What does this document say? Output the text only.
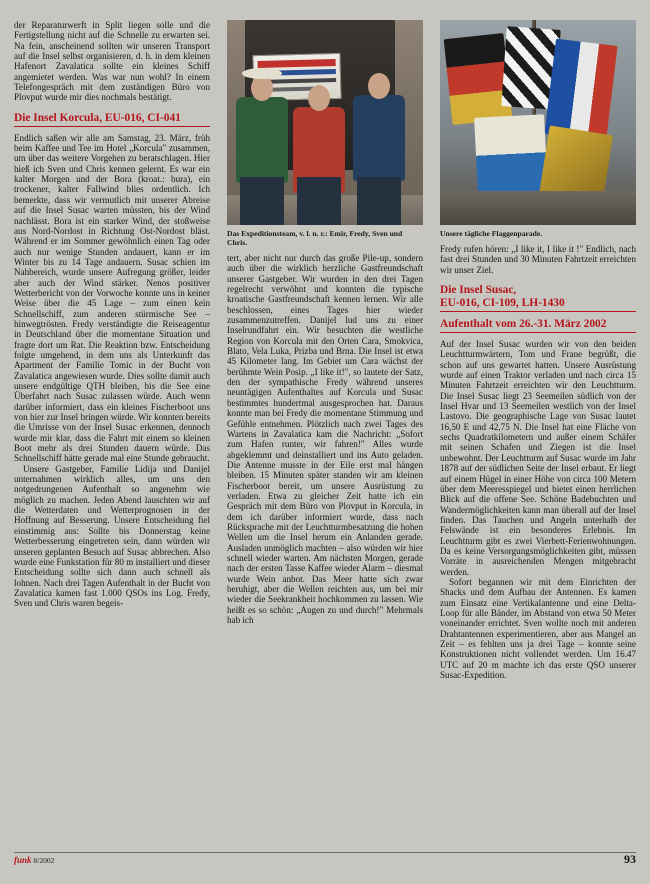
der Reparaturwerft in Split liegen solle und die Fertigstellung nicht auf die Schnelle zu erwarten sei. Na fein, anscheinend sollten wir unseren Transport auf die Insel selbst organisieren, d. h. in dem kleinen Hafenort Zavalatica sollte ein kleines Schiff angemietet werden. Was war nun wohl? In einem Telefongespräch mit dem zuständigen Büro von Plovput wurde mir dies nochmals bestätigt.

Die Insel Korcula, EU-016, CI-041

Endlich saßen wir alle am Samstag, 23. März, früh beim Kaffee und Tee im Hotel „Korcula" zusammen, um über das weitere Vorgehen zu beratschlagen. Hier hieß ich Sven und Chris kennen gelernt. Es war ein kalter Morgen und der Bora (kroat.: bura), ein trockener, kalter Fallwind blies ordentlich. Ich bemerkte, dass wir vermutlich mit unserer Abreise auf die Insel Susac warten müssten, bis der Wind nachlässt. Bora ist ein starker Wind, der stoßweise aus Nord-Nordost in Richtung Ost-Nordost bläst. Während er im Sommer gewöhnlich einen Tag oder auch nur wenige Stunden andauert, kann er im Winter bis zu 14 Tage andauern. Susac schien im Nahbereich, wurde unsere Aufregung größer, leider aber auch der Wind stärker. Nenos positiver Wetterbericht von der Vorwoche konnte uns in keiner Weise über die 45 Lage – zum einen kein Schnellschiff, zum anderen stürmische See – hinwegtrösten. Fredy verständigte die Reiseagentur in Deutschland über die momentane Situation und fragte dort um Rat. Die Reaktion bzw. Entscheidung folgte umgehend, in dem uns als Unterkunft das Apartment der Familie Tomic in der Bucht von Zavalatica angewiesen wurde. Dies sollte damit auch unsere endgültige QTH bleiben, bis die See eine Überfahrt nach Susac zulassen würde. Auch wenn darüber informiert, dass ein kleines Fischerboot uns von hier zur Insel bringen würde. Wir konnten bereits die Umrisse von der Insel Susac erkennen, dennoch wurde mir klar, dass die Fahrt mit einem so kleinen Boot mehr als drei Stunden dauern würde. Das Schnellschiff hätte gerade mal eine Stunde gebraucht.

Unsere Gastgeber, Familie Lidija und Danijel unternahmen wirklich alles, um uns den notgedrungenen Aufenthalt so angenehm wie möglich zu machen. Jeden Abend lauschten wir auf die Wetterdaten und Wetterprognosen in der Hoffnung auf Besserung. Unsere Entscheidung fiel einstimmig aus: Sollte bis Donnerstag keine Wetterbesserung eingetreten sein, dann würden wir unseren geplanten Besuch auf Susac abbrechen. Also wurde eine Funkstation für 80 m installiert und dieser Entscheidung sollte sich dann auch schnell als lohnen. Nach drei Tagen Aufenthalt in der Bucht von Zavalatica kamen fast 1.000 QSOs ins Log. Fredy, Sven und Chris waren begeis-

Das Expeditionsteam, v. l. n. r.: Emir, Fredy, Sven und Chris.

tert, aber nicht nur durch das große Pile-up, sondern auch über die wirklich herzliche Gastfreundschaft unserer Gastgeber. Wir wurden in den drei Tagen regelrecht verwöhnt und konnten die typische kroatische Gastfreundschaft kennen lernen. Wir alle beschlossen, eines Tages hier wieder zusammenzutreffen. Danijel lud uns zu einer Inselrundfahrt ein. Wir besuchten die westliche Region von Korcula mit den Orten Cara, Smokvica, Blato, Vela Luka, Prizba und Brna. Die Insel ist etwa 45 Kilometer lang. Im Gebiet um Cara wächst der berühmte Wein Posip. „I like it!", so lautete der Satz, den der sympathische Fredy während unseres neuntägigen Aufenthaltes auf Korcula und Susac bestimmtes hundertmal ausgesprochen hat. Daraus konnte man bei Fredy die momentane Stimmung und Gefühle entnehmen. Plötzlich nach zwei Tages des Wartens in Zavalatica kam die Nachricht: „Sofort zum Hafen runter, wir fahren!" Alles wurde abgeklemmt und deinstalliert und ins Auto geladen. Die Antenne musste in der Eile erst mal hängen bleiben. 15 Minuten später standen wir am kleinen Fischerboot bereit, um unsere Ausrüstung zu verladen. Etwa zu gleicher Zeit hatte ich ein Gespräch mit dem Büro von Plovput in Korcula, in dem ich darüber informiert wurde, dass nach Rücksprache mit der Leuchtturmbesatzung die hohen Wellen um die Insel herum ein Anlanden gerade. Ausladen unmöglich machten – also würden wir hier schnell wieder warten. Am nächsten Morgen, gerade nach der ersten Tasse Kaffee wieder Alarm – diesmal wurde Wein anbot. Das Meer hatte sich zwar beruhigt, aber die Wellen reichten aus, um bei mir wieder die Seekrankheit hochkommen zu lassen. Wie heißt es so schön: „Augen zu und durch!" Mehrmals hab ich

Unsere tägliche Flaggenparade.

Fredy rufen hören: „I like it, I like it !" Endlich, nach fast drei Stunden und 30 Minuten Fahrtzeit erreichten wir unser Ziel.

Die Insel Susac,
EU-016, CI-109, LH-1430
Aufenthalt vom 26.-31. März 2002

Auf der Insel Susac wurden wir von den beiden Leuchtturmwärtern, Tom und Frane begrüßt, die schon auf uns gewartet hatten. Unsere Ausrüstung wurde auf einen Traktor verladen und nach circa 15 Minuten Fahrtzeit erreichten wir den Leuchtturm. Die Insel Susac liegt 23 Seemeilen südlich von der Insel Hvar und 13 Seemeilen westlich von der Insel Lastovo. Die geographische Lage von Susac lautet 16,50 E und 42,75 N. Die Insel hat eine Fläche von sechs Quadratkilometern und außer einem Schäfer mit seinen Schafen und Ziegen ist die Insel unbewohnt. Der Leuchtturm auf Susac wurde im Jahr 1878 auf der südlichen Seite der Insel erbaut. Er liegt auf einem Hügel in einer Höhe von circa 100 Metern über dem Meeresspiegel und bietet einen herrlichen Blick auf die offene See. Schöne Badebuchten und Wandermöglichkeiten kann man überall auf der Insel finden. Das Tauchen und Angeln unterhalb der Felswände ist ein besonderes Erlebnis. Im Leuchtturm gibt es zwei Vierbett-Ferienwohnungen. Da es keine Versorgungsmöglichkeiten gibt, müssen Vorräte in ausreichenden Mengen mitgebracht werden.

Sofort begannen wir mit dem Einrichten der Shacks und dem Aufbau der Antennen. Es kamen zum Einsatz eine Vertikalantenne und eine Delta-Loop für alle Bänder, im Abstand von etwa 50 Meter voneinander errichtet. Sven wollte noch mit anderen Drahtantennen experimentieren, aber aus Mangel an Zeit – es fehlten uns ja drei Tage – konnte seine Konstruktionen nicht vollendet werden. Um 16.47 UTC auf 20 m machte ich das erste QSO unserer Susac-Expedition.

funk 8/2002	93
